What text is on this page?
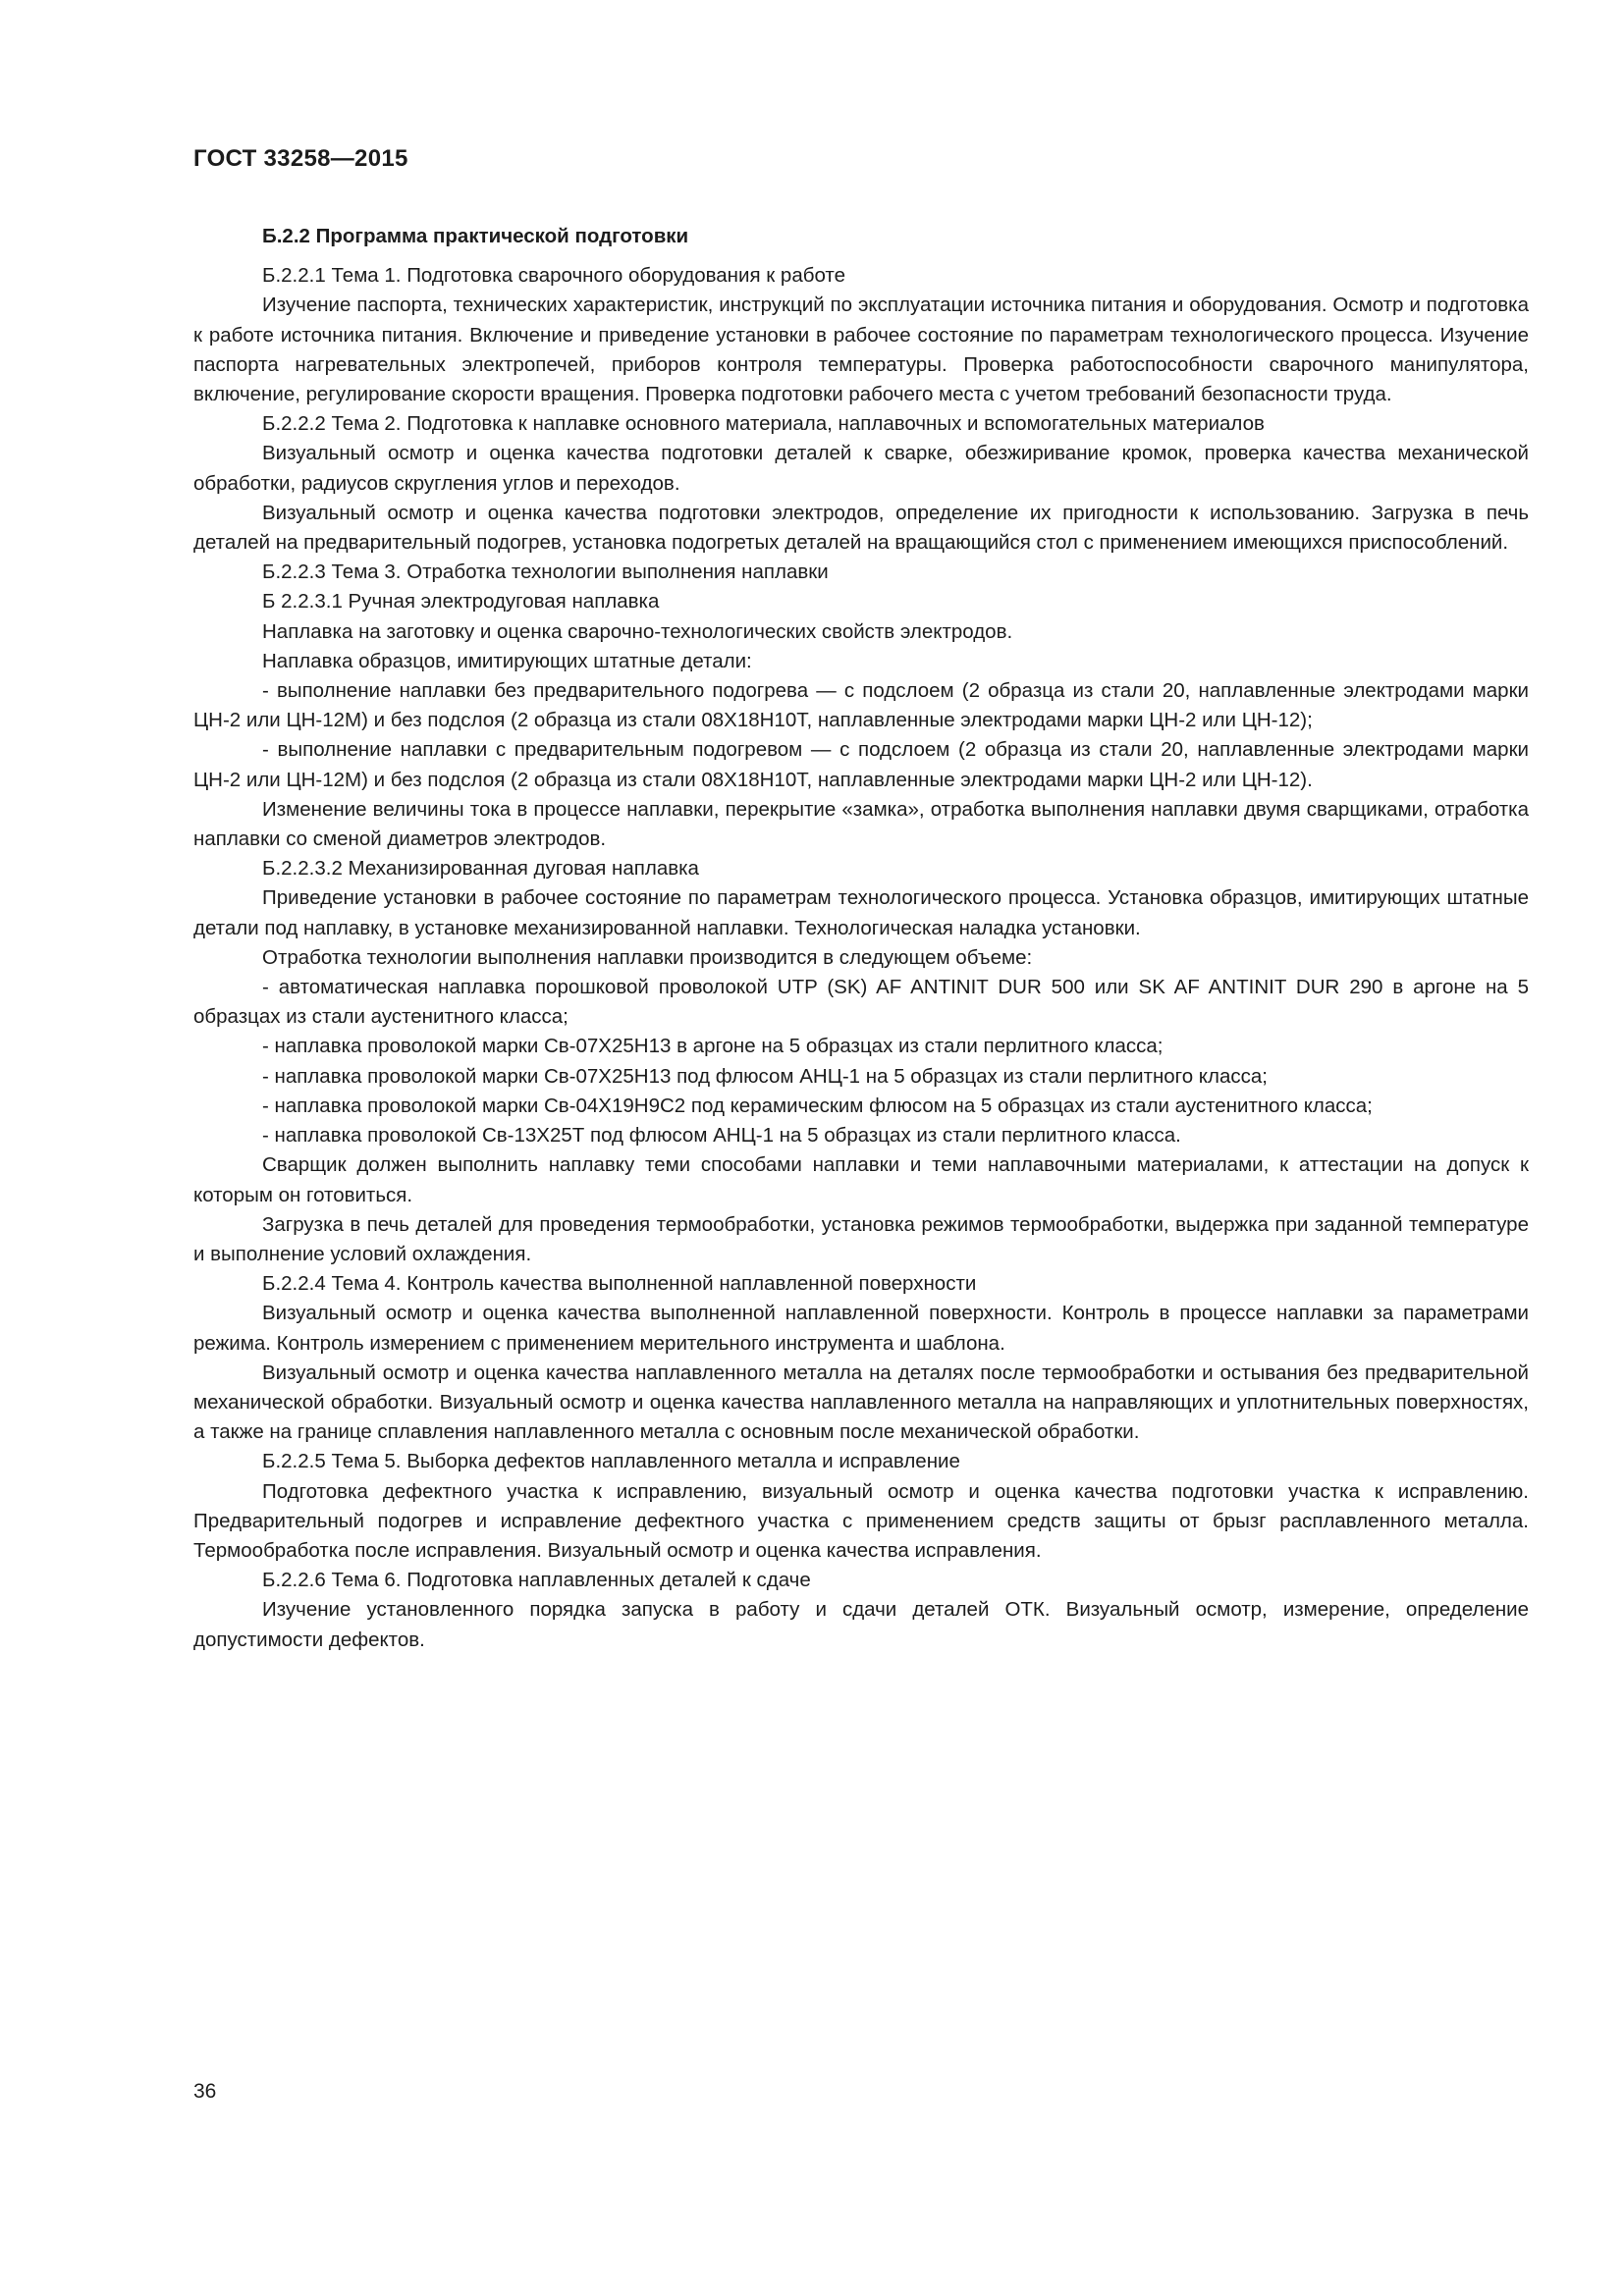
ГОСТ 33258—2015

Б.2.2 Программа практической подготовки

Б.2.2.1 Тема 1. Подготовка сварочного оборудования к работе

Изучение паспорта, технических характеристик, инструкций по эксплуатации источника питания и оборудования. Осмотр и подготовка к работе источника питания. Включение и приведение установки в рабочее состояние по параметрам технологического процесса. Изучение паспорта нагревательных электропечей, приборов контроля температуры. Проверка работоспособности сварочного манипулятора, включение, регулирование скорости вращения. Проверка подготовки рабочего места с учетом требований безопасности труда.

Б.2.2.2 Тема 2. Подготовка к наплавке основного материала, наплавочных и вспомогательных материалов

Визуальный осмотр и оценка качества подготовки деталей к сварке, обезжиривание кромок, проверка качества механической обработки, радиусов скругления углов и переходов.

Визуальный осмотр и оценка качества подготовки электродов, определение их пригодности к использованию. Загрузка в печь деталей на предварительный подогрев, установка подогретых деталей на вращающийся стол с применением имеющихся приспособлений.

Б.2.2.3 Тема 3. Отработка технологии выполнения наплавки

Б 2.2.3.1 Ручная электродуговая наплавка

Наплавка на заготовку и оценка сварочно-технологических свойств электродов.

Наплавка образцов, имитирующих штатные детали:

- выполнение наплавки без предварительного подогрева — с подслоем (2 образца из стали 20, наплавленные электродами марки ЦН-2 или ЦН-12М) и без подслоя (2 образца из стали 08Х18Н10Т, наплавленные электродами марки ЦН-2 или ЦН-12);

- выполнение наплавки с предварительным подогревом — с подслоем (2 образца из стали 20, наплавленные электродами марки ЦН-2 или ЦН-12М) и без подслоя (2 образца из стали 08Х18Н10Т, наплавленные электродами марки ЦН-2 или ЦН-12).

Изменение величины тока в процессе наплавки, перекрытие «замка», отработка выполнения наплавки двумя сварщиками, отработка наплавки со сменой диаметров электродов.

Б.2.2.3.2 Механизированная дуговая наплавка

Приведение установки в рабочее состояние по параметрам технологического процесса. Установка образцов, имитирующих штатные детали под наплавку, в установке механизированной наплавки. Технологическая наладка установки.

Отработка технологии выполнения наплавки производится в следующем объеме:

- автоматическая наплавка порошковой проволокой UTP (SK) AF ANTINIT DUR 500 или SK AF ANTINIT DUR 290 в аргоне на 5 образцах из стали аустенитного класса;

- наплавка проволокой марки Св-07Х25Н13 в аргоне на 5 образцах из стали перлитного класса;

- наплавка проволокой марки Св-07Х25Н13 под флюсом АНЦ-1 на 5 образцах из стали перлитного класса;

- наплавка проволокой марки Св-04Х19Н9С2 под керамическим флюсом на 5 образцах из стали аустенитного класса;

- наплавка проволокой Св-13Х25Т под флюсом АНЦ-1 на 5 образцах из стали перлитного класса.

Сварщик должен выполнить наплавку теми способами наплавки и теми наплавочными материалами, к аттестации на допуск к которым он готовиться.

Загрузка в печь деталей для проведения термообработки, установка режимов термообработки, выдержка при заданной температуре и выполнение условий охлаждения.

Б.2.2.4 Тема 4. Контроль качества выполненной наплавленной поверхности

Визуальный осмотр и оценка качества выполненной наплавленной поверхности. Контроль в процессе наплавки за параметрами режима. Контроль измерением с применением мерительного инструмента и шаблона.

Визуальный осмотр и оценка качества наплавленного металла на деталях после термообработки и остывания без предварительной механической обработки. Визуальный осмотр и оценка качества наплавленного металла на направляющих и уплотнительных поверхностях, а также на границе сплавления наплавленного металла с основным после механической обработки.

Б.2.2.5 Тема 5. Выборка дефектов наплавленного металла и исправление

Подготовка дефектного участка к исправлению, визуальный осмотр и оценка качества подготовки участка к исправлению. Предварительный подогрев и исправление дефектного участка с применением средств защиты от брызг расплавленного металла. Термообработка после исправления. Визуальный осмотр и оценка качества исправления.

Б.2.2.6 Тема 6. Подготовка наплавленных деталей к сдаче

Изучение установленного порядка запуска в работу и сдачи деталей ОТК. Визуальный осмотр, измерение, определение допустимости дефектов.

36
